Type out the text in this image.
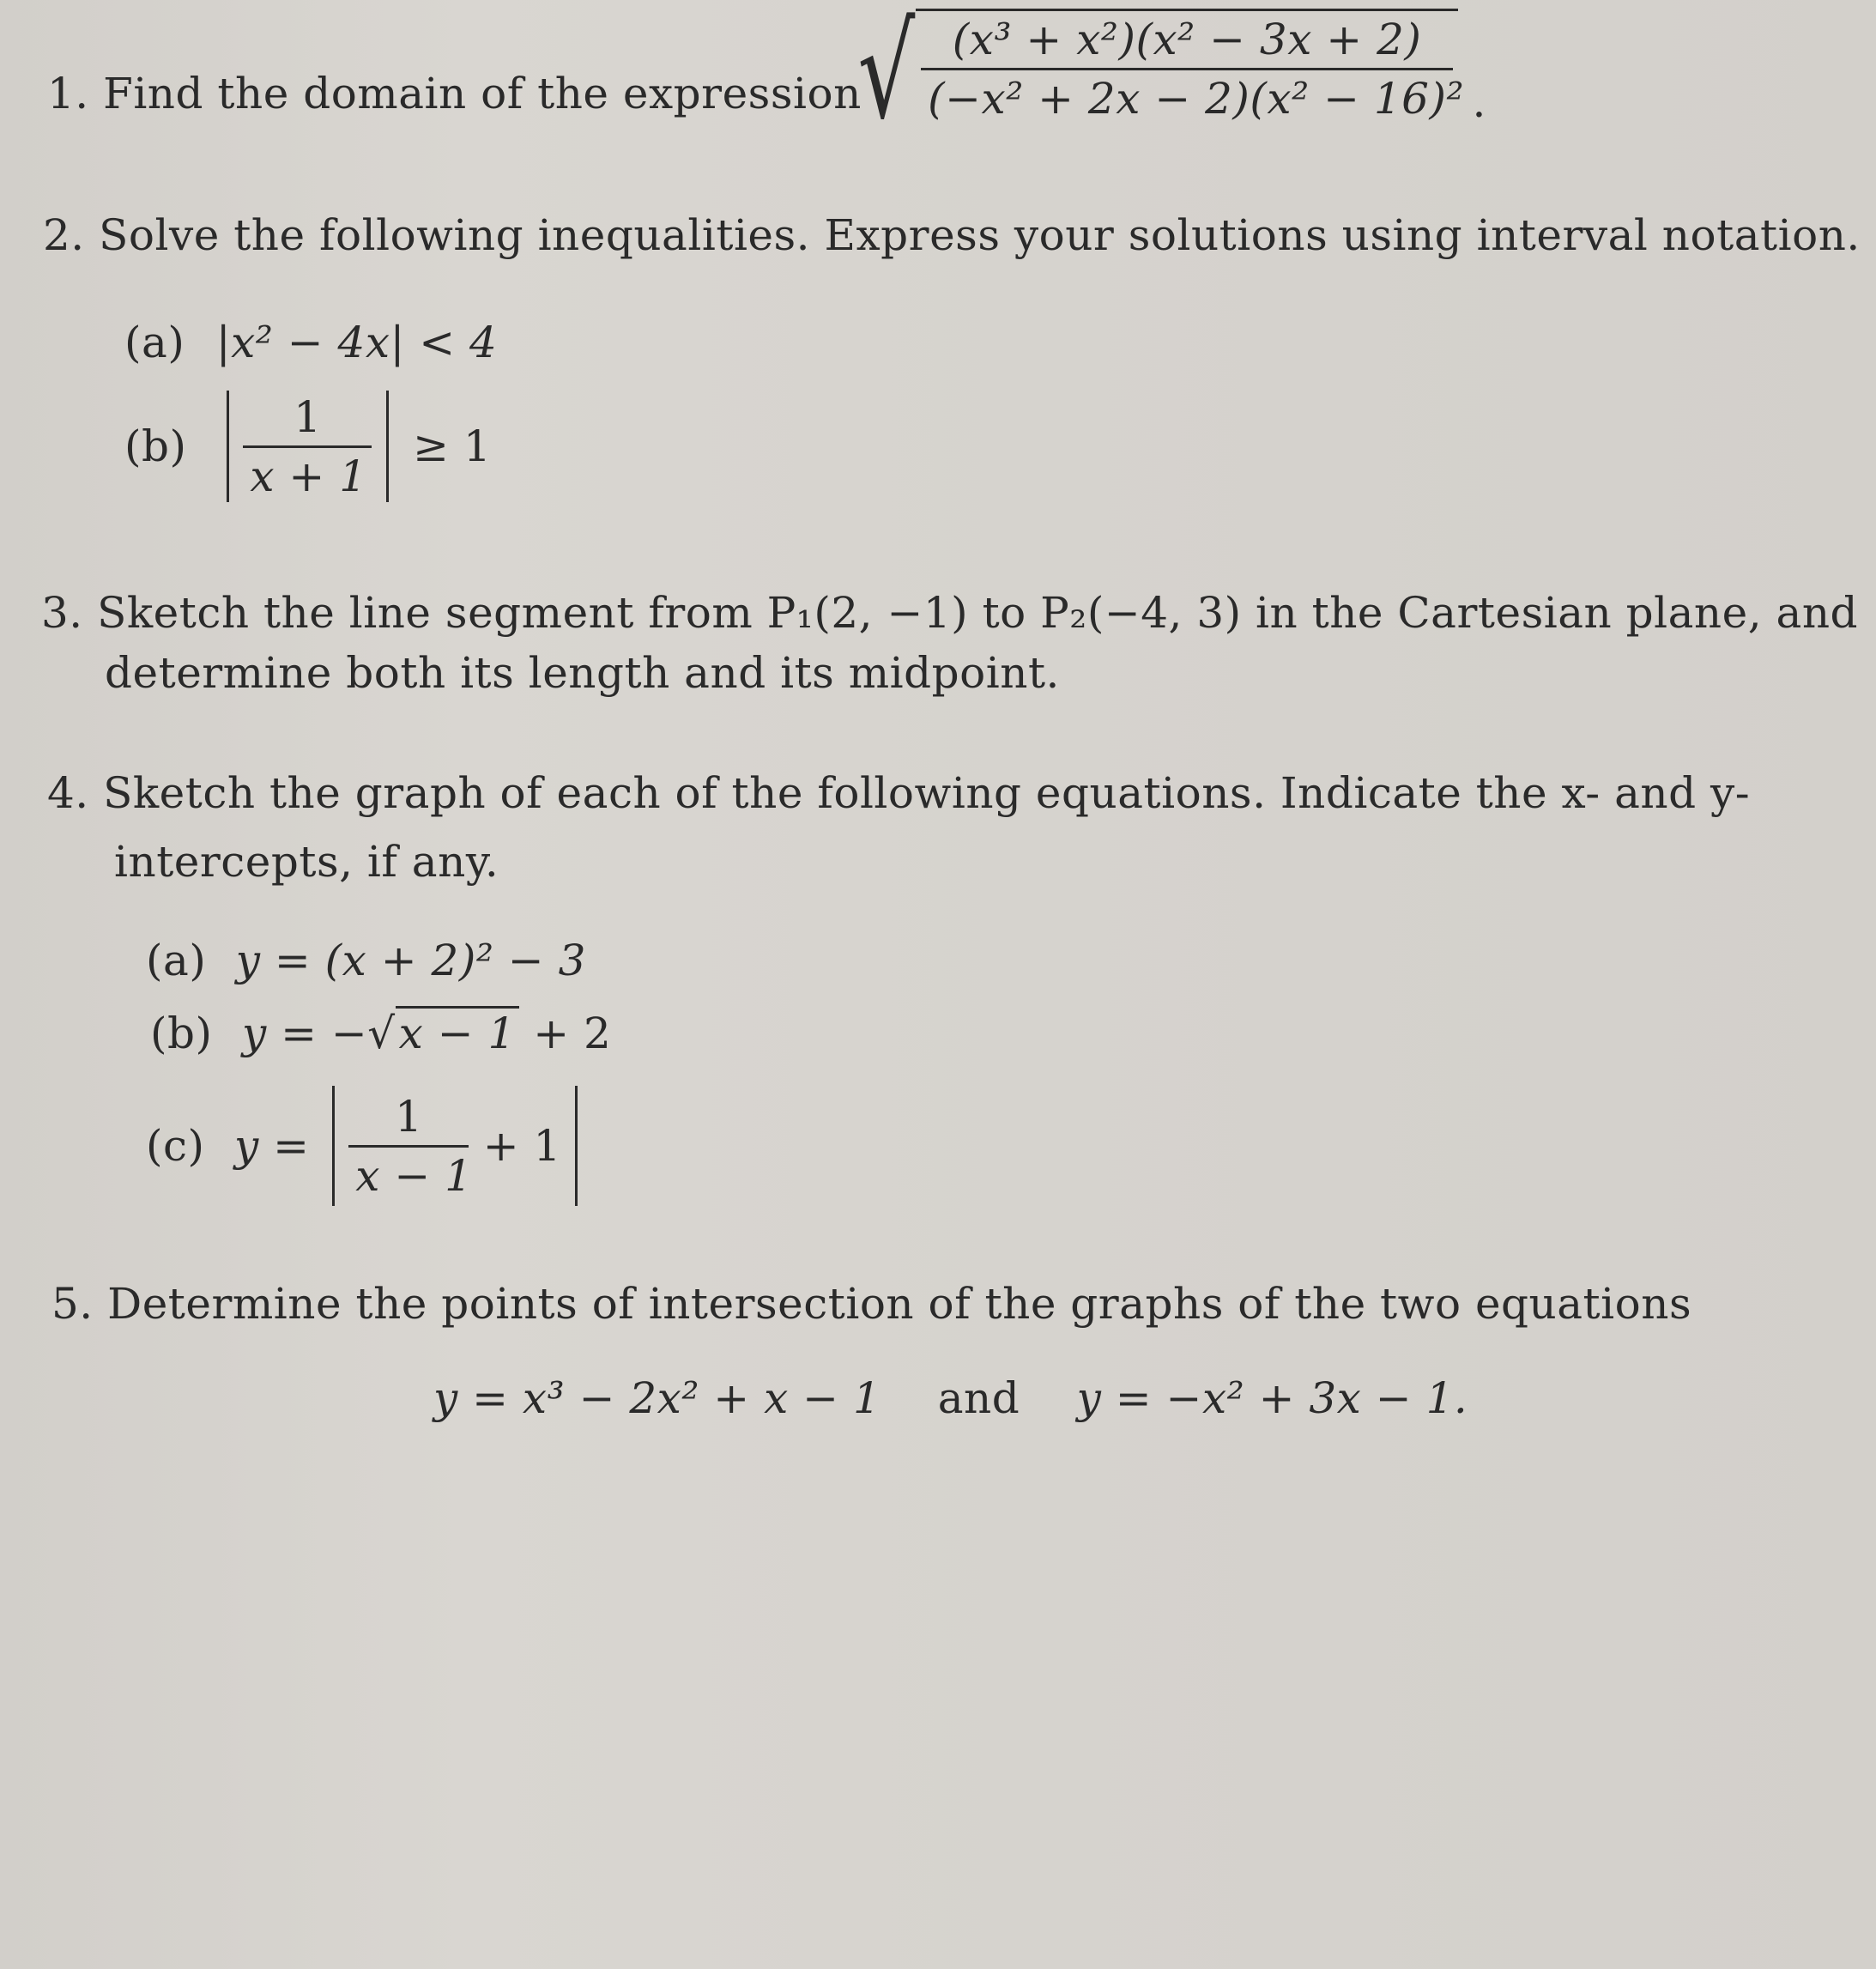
1. Find the domain of the expression
√ $\frac{\text{(x³ + x²)(x² − 3x + 2)}}{\text{(−x² + 2x − 2)(x² − 16)²}}$ .
2. Solve the following inequalities. Express your solutions using interval notation.
(a) |x² − 4x| < 4
$(b) \frac{1}{x + 1} \ge 1$
3. Sketch the line segment from P₁(2, −1) to P₂(−4, 3) in the Cartesian plane, and
determine both its length and its midpoint.
4. Sketch the graph of each of the following equations. Indicate the x- and y-
intercepts, if any.
(a) y = (x + 2)² − 3
(b) y = −√x − 1 + 2
(c) $y = \frac{1}{x - 1} + 1$
5. Determine the points of intersection of the graphs of the two equations
y = x³ − 2x² + x − 1 and y = −x² + 3x − 1.
